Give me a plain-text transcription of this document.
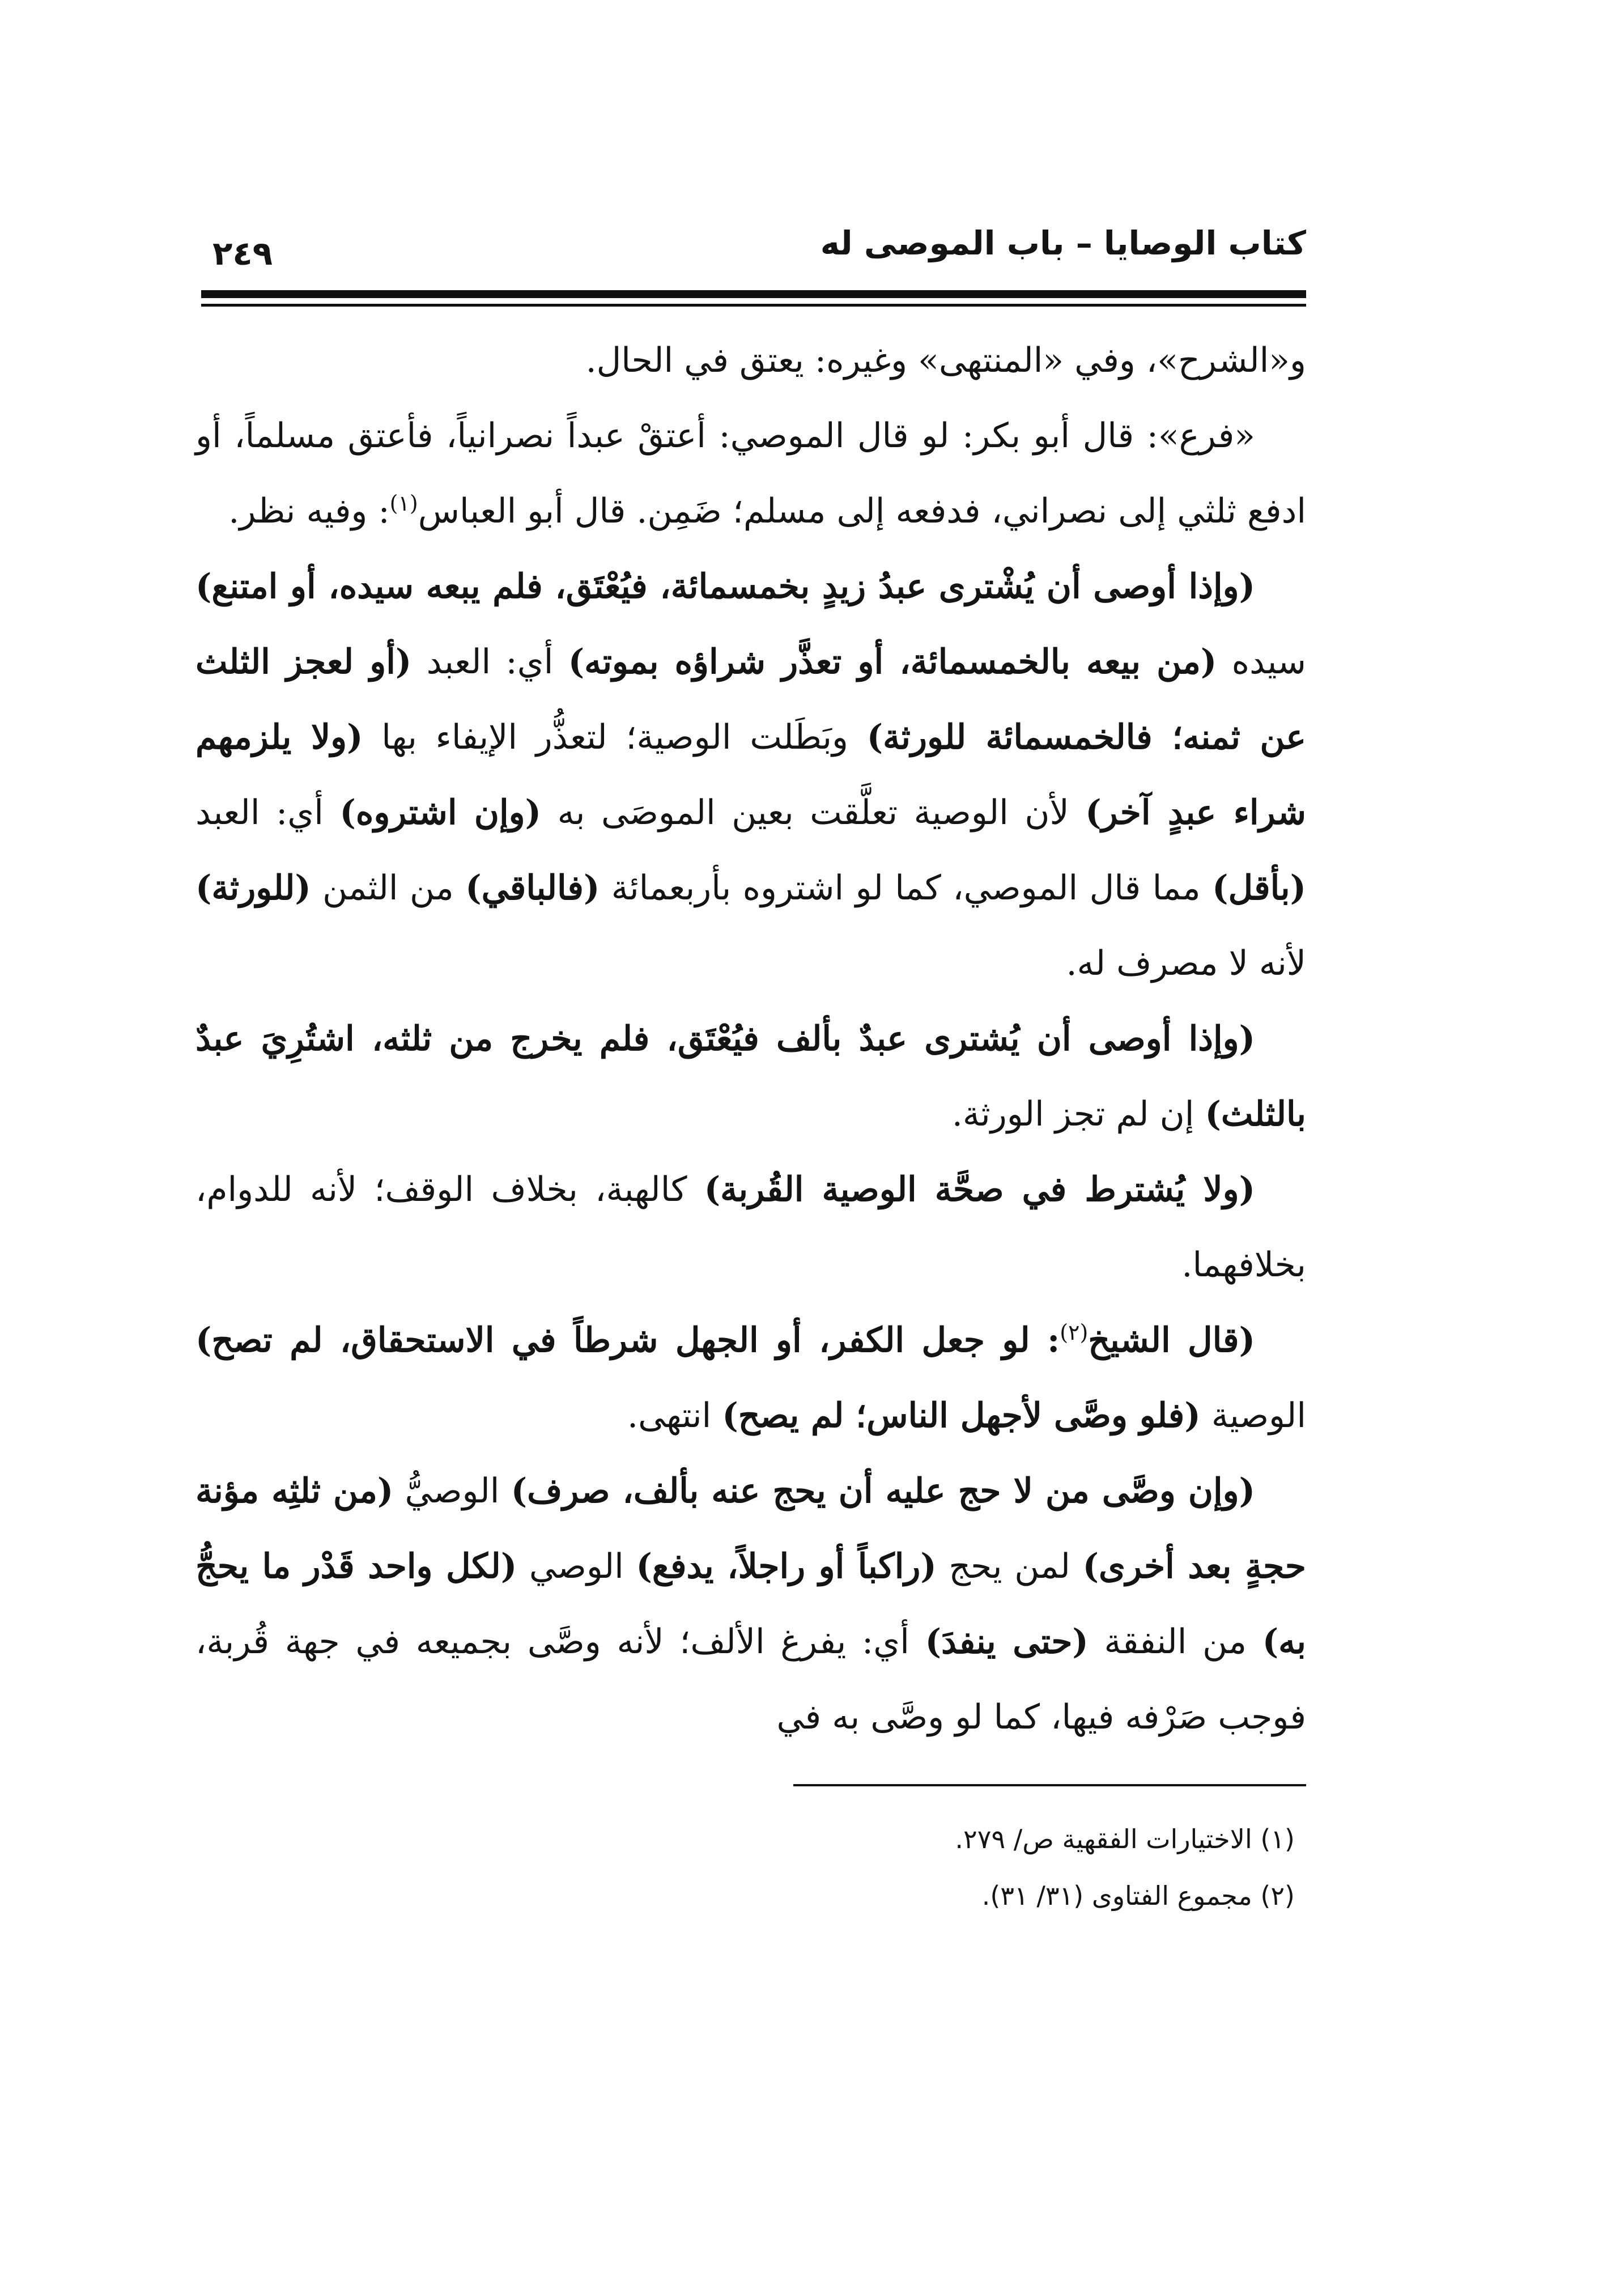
كتاب الوصايا – باب الموصى له
٢٤٩

و«الشرح»، وفي «المنتهى» وغيره: يعتق في الحال.

«فرع»: قال أبو بكر: لو قال الموصي: أعتقْ عبداً نصرانياً، فأعتق مسلماً، أو ادفع ثلثي إلى نصراني، فدفعه إلى مسلم؛ ضَمِن. قال أبو العباس$^{(١)}$: وفيه نظر.

(وإذا أوصى أن يُشْترى عبدُ زيدٍ بخمسمائة، فيُعْتَق، فلم يبعه سيده، أو امتنع) سيده (من بيعه بالخمسمائة، أو تعذَّر شراؤه بموته) أي: العبد (أو لعجز الثلث عن ثمنه؛ فالخمسمائة للورثة) وبَطَلت الوصية؛ لتعذُّر الإيفاء بها (ولا يلزمهم شراء عبدٍ آخر) لأن الوصية تعلَّقت بعين الموصَى به (وإن اشتروه) أي: العبد (بأقل) مما قال الموصي، كما لو اشتروه بأربعمائة (فالباقي) من الثمن (للورثة) لأنه لا مصرف له.

(وإذا أوصى أن يُشترى عبدٌ بألف فيُعْتَق، فلم يخرج من ثلثه، اشتُرِيَ عبدٌ بالثلث) إن لم تجز الورثة.

(ولا يُشترط في صحَّة الوصية القُربة) كالهبة، بخلاف الوقف؛ لأنه للدوام، بخلافهما.

(قال الشيخ$^{(٢)}$: لو جعل الكفر، أو الجهل شرطاً في الاستحقاق، لم تصح) الوصية (فلو وصَّى لأجهل الناس؛ لم يصح) انتهى.

(وإن وصَّى من لا حج عليه أن يحج عنه بألف، صرف) الوصيُّ (من ثلثِه مؤنة حجةٍ بعد أخرى) لمن يحج (راكباً أو راجلاً، يدفع) الوصي (لكل واحد قَدْر ما يحجُّ به) من النفقة (حتى ينفدَ) أي: يفرغ الألف؛ لأنه وصَّى بجميعه في جهة قُربة، فوجب صَرْفه فيها، كما لو وصَّى به في

(١) الاختيارات الفقهية ص/ ٢٧٩.

(٢) مجموع الفتاوى (٣١/ ٣١).
